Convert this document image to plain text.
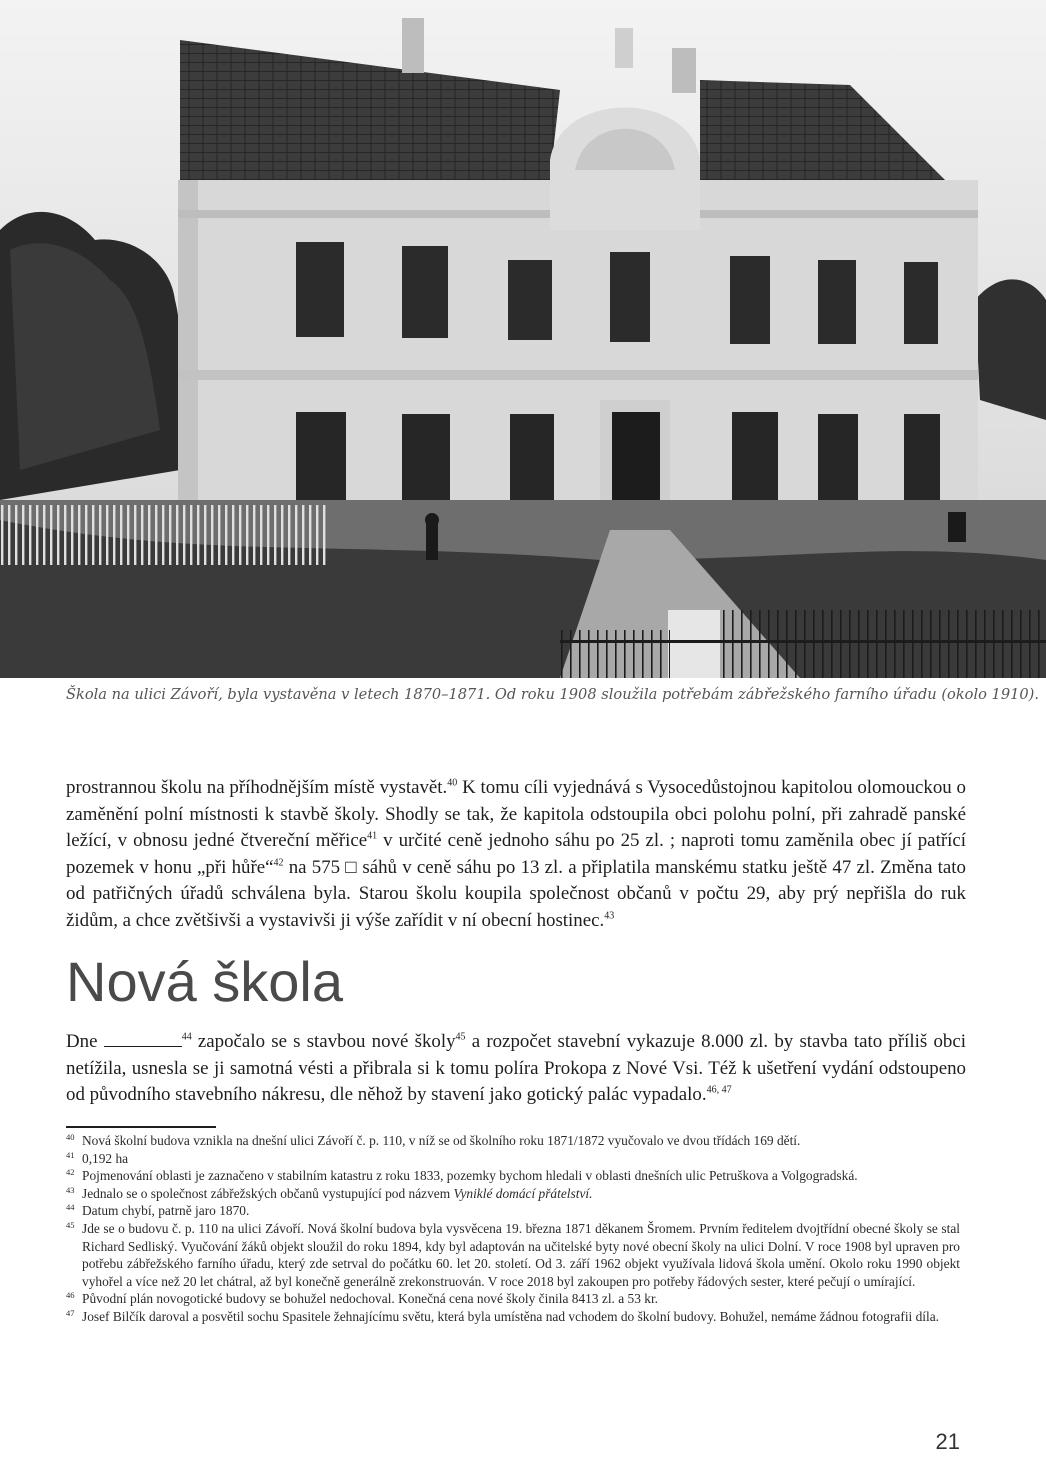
Škola na ulici Závoří, byla vystavěna v letech 1870–1871. Od roku 1908 sloužila potřebám zábřežského farního úřadu (okolo 1910).

prostrannou školu na příhodnějším místě vystavět.$^{40}$ K tomu cíli vyjednává s Vysocedůstojnou kapitolou olomouckou o zaměnění polní místnosti k stavbě školy. Shodly se tak, že kapitola odstoupila obci polohu polní, při zahradě panské ležící, v obnosu jedné čtvereční měřice$^{41}$ v určité ceně jednoho sáhu po 25 zl. ; naproti tomu zaměnila obec jí patřící pozemek v honu „při hůře“$^{42}$ na 575 □ sáhů v ceně sáhu po 13 zl. a připlatila manskému statku ještě 47 zl. Změna tato od patřičných úřadů schválena byla. Starou školu koupila společnost občanů v počtu 29, aby prý nepřišla do ruk židům, a chce zvětšivši a vystavivši ji výše zařídit v ní obecní hostinec.$^{43}$

Nová škola

Dne	$^{44}$ započalo se s stavbou nové školy$^{45}$ a rozpočet stavební vykazuje 8.000 zl. by stavba tato příliš obci netížila, usnesla se ji samotná vésti a přibrala si k tomu políra Prokopa z Nové Vsi. Též k ušetření vydání odstoupeno od původního stavebního nákresu, dle něhož by stavení jako gotický palác vypadalo.$^{46, 47}$

40 Nová školní budova vznikla na dnešní ulici Závoří č. p. 110, v níž se od školního roku 1871/1872 vyučovalo ve dvou třídách 169 dětí.
41 0,192 ha
42 Pojmenování oblasti je zaznačeno v stabilním katastru z roku 1833, pozemky bychom hledali v oblasti dnešních ulic Petruškova a Volgogradská.
43 Jednalo se o společnost zábřežských občanů vystupující pod názvem Vyniklé domácí přátelství.
44 Datum chybí, patrně jaro 1870.
45 Jde se o budovu č. p. 110 na ulici Závoří. Nová školní budova byla vysvěcena 19. března 1871 děkanem Šromem. Prvním ředitelem dvojtřídní obecné školy se stal Richard Sedliský. Vyučování žáků objekt sloužil do roku 1894, kdy byl adaptován na učitelské byty nové obecní školy na ulici Dolní. V roce 1908 byl upraven pro potřebu zábřežského farního úřadu, který zde setrval do počátku 60. let 20. století. Od 3. září 1962 objekt využívala lidová škola umění. Okolo roku 1990 objekt vyhořel a více než 20 let chátral, až byl konečně generálně zrekonstruován. V roce 2018 byl zakoupen pro potřeby řádových sester, které pečují o umírající.
46 Původní plán novogotické budovy se bohužel nedochoval. Konečná cena nové školy činila 8413 zl. a 53 kr.
47 Josef Bilčík daroval a posvětil sochu Spasitele žehnajícímu světu, která byla umístěna nad vchodem do školní budovy. Bohužel, nemáme žádnou fotografii díla.
21
